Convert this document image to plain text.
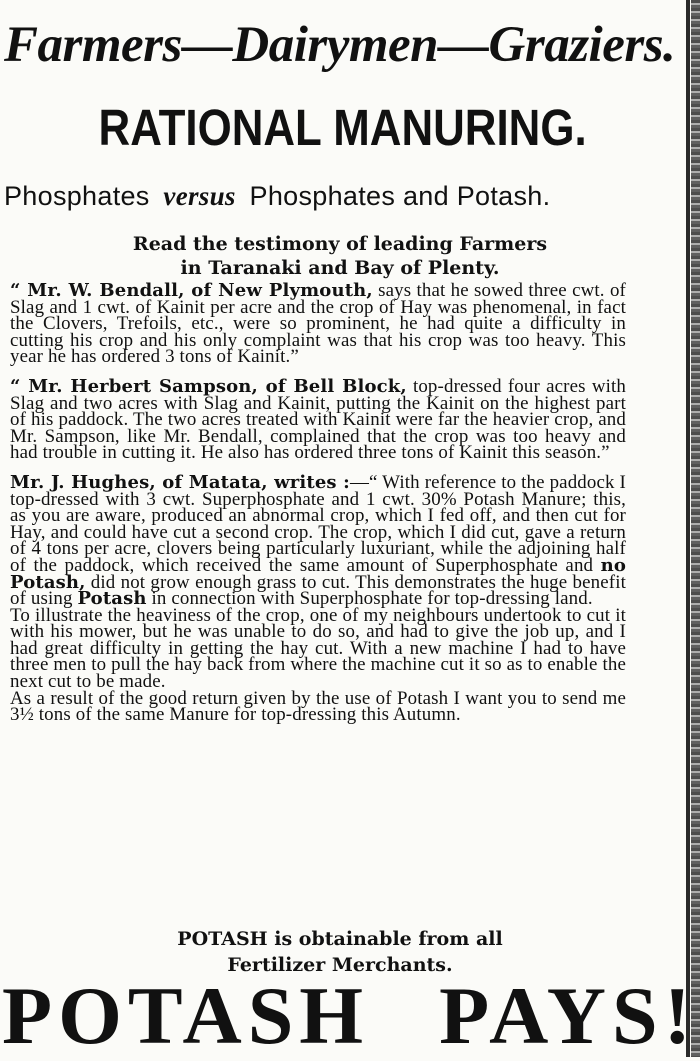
Farmers—Dairymen—Graziers.
RATIONAL MANURING.
Phosphates versus Phosphates and Potash.
Read the testimony of leading Farmers
in Taranaki and Bay of Plenty.

“ Mr. W. Bendall, of New Plymouth, says that he sowed three cwt. of Slag and 1 cwt. of Kainit per acre and the crop of Hay was phenomenal, in fact the Clovers, Trefoils, etc., were so prominent, he had quite a difficulty in cutting his crop and his only complaint was that his crop was too heavy. This year he has ordered 3 tons of Kainit.”

“ Mr. Herbert Sampson, of Bell Block, top-dressed four acres with Slag and two acres with Slag and Kainit, putting the Kainit on the highest part of his paddock. The two acres treated with Kainit were far the heavier crop, and Mr. Sampson, like Mr. Bendall, complained that the crop was too heavy and had trouble in cutting it. He also has ordered three tons of Kainit this season.”

Mr. J. Hughes, of Matata, writes :—“ With reference to the paddock I top-dressed with 3 cwt. Superphosphate and 1 cwt. 30% Potash Manure; this, as you are aware, produced an abnormal crop, which I fed off, and then cut for Hay, and could have cut a second crop. The crop, which I did cut, gave a return of 4 tons per acre, clovers being particularly luxuriant, while the adjoining half of the paddock, which received the same amount of Superphosphate and no Potash, did not grow enough grass to cut. This demonstrates the huge benefit of using Potash in connection with Superphosphate for top-dressing land.

To illustrate the heaviness of the crop, one of my neighbours undertook to cut it with his mower, but he was unable to do so, and had to give the job up, and I had great difficulty in getting the hay cut. With a new machine I had to have three men to pull the hay back from where the machine cut it so as to enable the next cut to be made.

As a result of the good return given by the use of Potash I want you to send me 3½ tons of the same Manure for top-dressing this Autumn.

POTASH is obtainable from all
Fertilizer Merchants.
POTASH PAYS!
